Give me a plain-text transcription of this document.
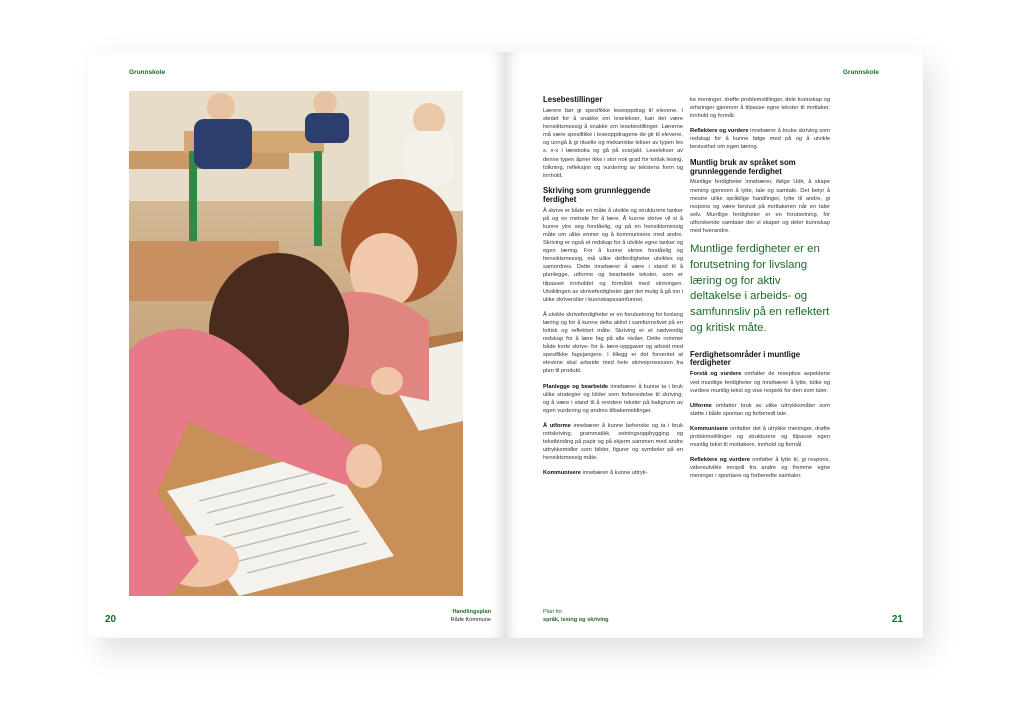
Grunnskole
20
Handlingsplan
Råde Kommune
Grunnskole
Lesebestillinger

Lærere bør gi spesifikke leseoppdrag til elevene. I stedet for å snakke om leselekser, kan det være hensiktsmessig å snakke om lesebestillinger. Lærerne må være spesifikke i leseoppdragene de gir til elevene, og unngå å gi rituelle og mekaniske lekser av typen les s. x-x i læreboka og gå på svarjakt. Leselekser av denne typen åpner ikke i stor nok grad for kritisk lesing, tolkning, refleksjon og vurdering av tekstens form og innhold.

Skriving som grunnleggende ferdighet

Å skrive er både en måte å utvikle og strukturere tanker på og en metode for å lære. Å kunne skrive vil si å kunne ytre seg forståelig, og på en hensiktsmessig måte om ulike emner og å kommunisere med andre. Skriving er også et redskap for å utvikle egne tanker og egen læring. For å kunne skrive forståelig og hensiktsmessig, må ulike delferdigheter utvikles og samordnes. Dette innebærer å være i stand til å planlegge, utforme og bearbeide tekster, som er tilpasset innholdet og formålet med skrivingen. Utviklingen av skriveferdigheter gjør det mulig å gå inn i ulike skriveroller i kunnskapssamfunnet.

Å utvikle skriveferdigheter er en forutsetning for livslang læring og for å kunne delta aktivt i samfunnslivet på en kritisk og reflektert måte. Skriving er et nødvendig redskap for å lære fag på alle nivåer. Dette rommer både korte skrive- for å- lære-oppgaver og arbeid med spesifikke fagsjangere. I tillegg er det forventet at elevene skal arbeide med hele skriveprosessen fra plan til produkt.

Planlegge og bearbeide innebærer å kunne ta i bruk ulike strategier og kilder som forberedelse til skriving, og å være i stand til å revidere tekster på bakgrunn av egen vurdering og andres tilbakemeldinger.

Å utforme innebærer å kunne beherske og ta i bruk rettskriving, grammatikk, setningsoppbygging og tekstbinding på papir og på skjerm sammen med andre uttrykksmidler som bilder, figurer og symboler på en hensiktsmessig måte.

Kommunisere innebærer å kunne uttryk-

ke meninger, drøfte problemstillinger, dele kunnskap og erfaringer gjennom å tilpasse egne tekster til mottaker, innhold og formål.

Reflektere og vurdere innebærer å bruke skriving som redskap for å kunne følge med på og å utvikle bevissthet om egen læring.

Muntlig bruk av språket som grunnleggende ferdighet

Muntlige ferdigheter innebærer, ifølge Udir, å skape mening gjennom å lytte, tale og samtale. Det betyr å mestre ulike språklige handlinger, lytte til andre, gi respons og være bevisst på mottakeren når en taler selv. Muntlige ferdigheter er en forutsetning, for utforskende samtaler der vi skaper og deler kunnskap med hverandre.

Muntlige ferdigheter er en forutsetning for livslang læring og for aktiv deltakelse i arbeids- og samfunnsliv på en reflektert og kritisk måte.
Ferdighetsområder i muntlige ferdigheter

Forstå og vurdere omfatter de reseptive aspektene ved muntlige ferdigheter og innebærer å lytte, tolke og vurdere muntlig tekst og vise respekt for den som taler.

Utforme omfatter bruk av ulike uttrykksmåter som støtte i både spontan og forberedt tale.

Kommunisere omfatter det å utrykke meninger, drøfte problemstillinger og strukturere og tilpasse egen muntlig tekst til mottakere, innhold og formål.

Reflektere og vurdere omfatter å lytte til, gi respons, videreutvikle innspill fra andre og fremme egne meninger i spontane og forberedte samtaler.

Plan for
språk, lesing og skriving	21
